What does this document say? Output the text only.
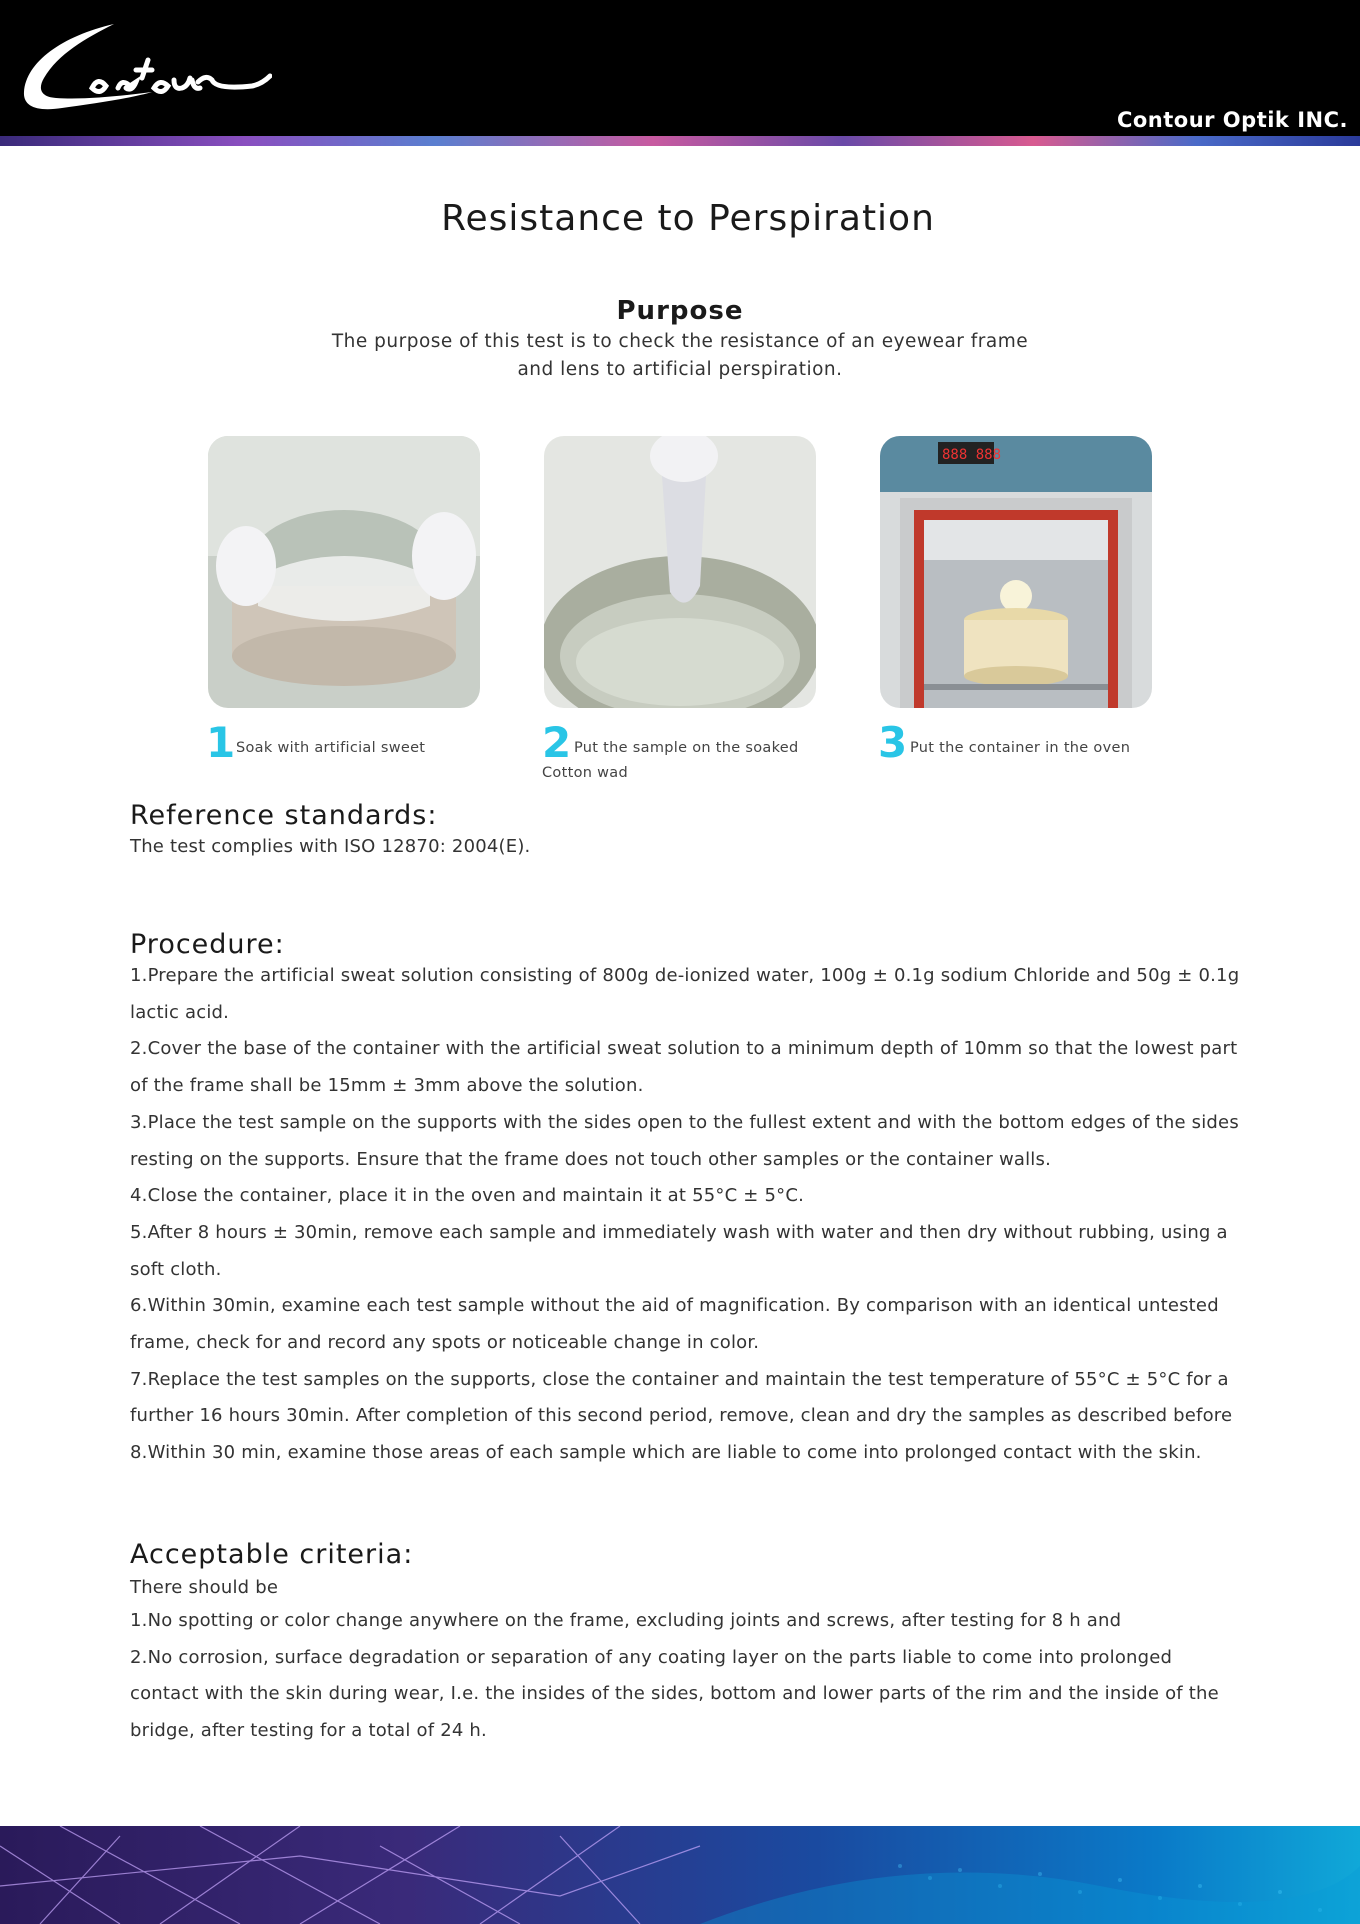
Contour Optik INC.
Resistance to Perspiration
Purpose

The purpose of this test is to check the resistance of an eyewear frame and lens to artificial perspiration.

888 888
1 Soak with artificial sweet	2 Put the sample on the soaked Cotton wad
3 Put the container in the oven
Reference standards:

The test complies with ISO 12870: 2004(E).

Procedure:

1.Prepare the artificial sweat solution consisting of 800g de-ionized water, 100g ± 0.1g sodium Chloride and 50g ± 0.1g lactic acid.

2.Cover the base of the container with the artificial sweat solution to a minimum depth of 10mm so that the lowest part of the frame shall be 15mm ± 3mm above the solution.

3.Place the test sample on the supports with the sides open to the fullest extent and with the bottom edges of the sides resting on the supports. Ensure that the frame does not touch other samples or the container walls.

4.Close the container, place it in the oven and maintain it at 55°C ± 5°C.

5.After 8 hours ± 30min, remove each sample and immediately wash with water and then dry without rubbing, using a soft cloth.

6.Within 30min, examine each test sample without the aid of magnification. By comparison with an identical untested frame, check for and record any spots or noticeable change in color.

7.Replace the test samples on the supports, close the container and maintain the test temperature of 55°C ± 5°C for a further 16 hours 30min. After completion of this second period, remove, clean and dry the samples as described before

8.Within 30 min, examine those areas of each sample which are liable to come into prolonged contact with the skin.

Acceptable criteria:

There should be

1.No spotting or color change anywhere on the frame, excluding joints and screws, after testing for 8 h and

2.No corrosion, surface degradation or separation of any coating layer on the parts liable to come into prolonged contact with the skin during wear, I.e. the insides of the sides, bottom and lower parts of the rim and the inside of the bridge, after testing for a total of 24 h.
